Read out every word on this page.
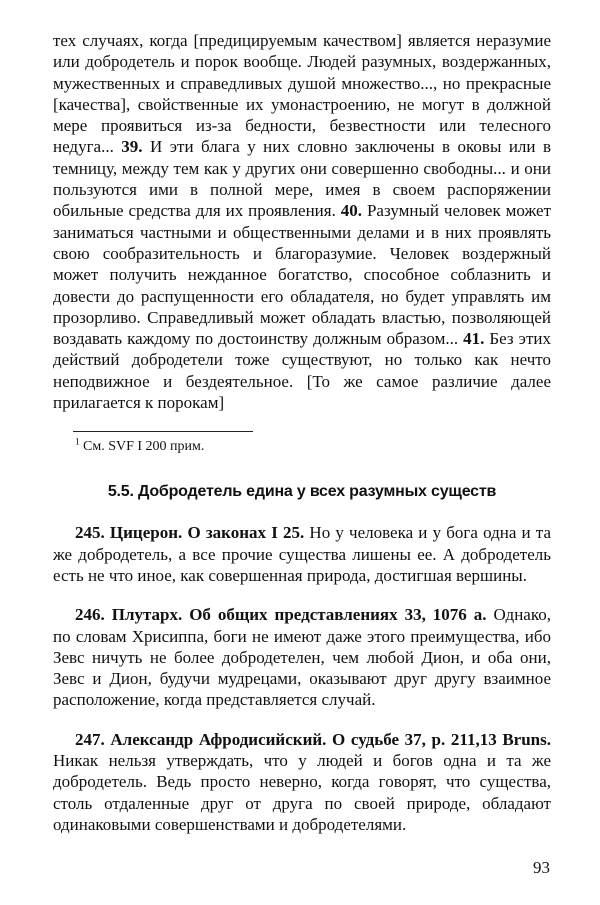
тех случаях, когда [предицируемым качеством] является неразумие или добродетель и порок вообще. Людей разумных, воздержанных, мужественных и справедливых душой множество..., но прекрасные [качества], свойственные их умонастроению, не могут в должной мере проявиться из-за бедности, безвестности или телесного недуга... 39. И эти блага у них словно заключены в оковы или в темницу, между тем как у других они совершенно свободны... и они пользуются ими в полной мере, имея в своем распоряжении обильные средства для их проявления. 40. Разумный человек может заниматься частными и общественными делами и в них проявлять свою сообразительность и благоразумие. Человек воздержный может получить нежданное богатство, способное соблазнить и довести до распущенности его обладателя, но будет управлять им прозорливо. Справедливый может обладать властью, позволяющей воздавать каждому по достоинству должным образом... 41. Без этих действий добродетели тоже существуют, но только как нечто неподвижное и бездеятельное. [То же самое различие далее прилагается к порокам]

$^1$ См. SVF I 200 прим.

5.5. Добродетель едина у всех разумных существ

245. Цицерон. О законах I 25. Но у человека и у бога одна и та же добродетель, а все прочие существа лишены ее. А добродетель есть не что иное, как совершенная природа, достигшая вершины.

246. Плутарх. Об общих представлениях 33, 1076 a. Однако, по словам Хрисиппа, боги не имеют даже этого преимущества, ибо Зевс ничуть не более добродетелен, чем любой Дион, и оба они, Зевс и Дион, будучи мудрецами, оказывают друг другу взаимное расположение, когда представляется случай.

247. Александр Афродисийский. О судьбе 37, p. 211,13 Bruns. Никак нельзя утверждать, что у людей и богов одна и та же добродетель. Ведь просто неверно, когда говорят, что существа, столь отдаленные друг от друга по своей природе, обладают одинаковыми совершенствами и добродетелями.

93
